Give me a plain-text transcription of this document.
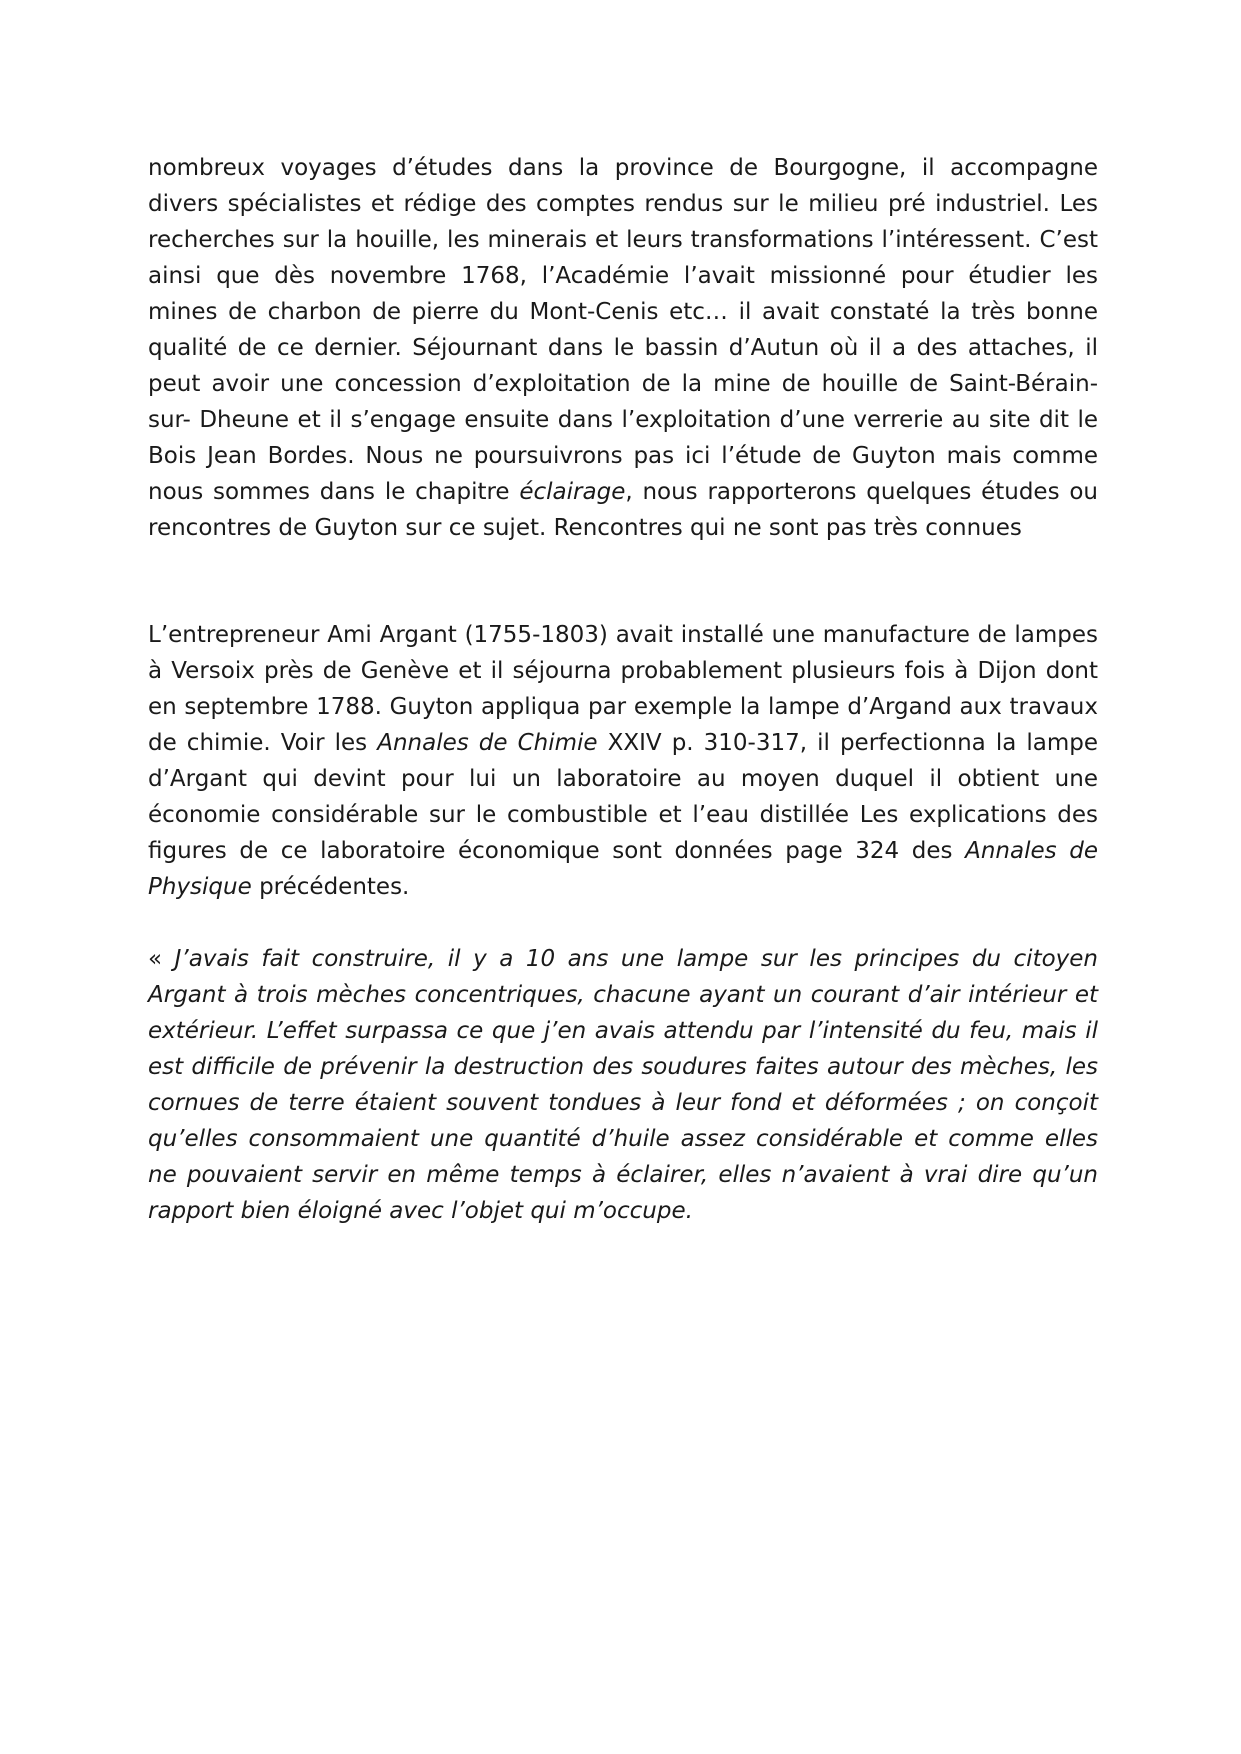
nombreux voyages d’études dans la province de Bourgogne, il accompagne divers spécialistes et rédige des comptes rendus sur le milieu pré industriel. Les recherches sur la houille, les minerais et leurs transformations l’intéressent. C’est ainsi que dès novembre 1768, l’Académie l’avait missionné pour étudier les mines de charbon de pierre du Mont-Cenis etc… il avait constaté la très bonne qualité de ce dernier. Séjournant dans le bassin d’Autun où il a des attaches, il peut avoir une concession d’exploitation de la mine de houille de Saint-Bérain-sur- Dheune et il s’engage ensuite dans l’exploitation d’une verrerie au site dit le Bois Jean Bordes. Nous ne poursuivrons pas ici l’étude de Guyton mais comme nous sommes dans le chapitre éclairage, nous rapporterons quelques études ou rencontres de Guyton sur ce sujet. Rencontres qui ne sont pas très connues

L’entrepreneur Ami Argant (1755-1803) avait installé une manufacture de lampes à Versoix près de Genève et il séjourna probablement plusieurs fois à Dijon dont en septembre 1788. Guyton appliqua par exemple la lampe d’Argand aux travaux de chimie. Voir les Annales de Chimie XXIV p. 310-317, il perfectionna la lampe d’Argant qui devint pour lui un laboratoire au moyen duquel il obtient une économie considérable sur le combustible et l’eau distillée Les explications des figures de ce laboratoire économique sont données page 324 des Annales de Physique précédentes.

« J’avais fait construire, il y a 10 ans une lampe sur les principes du citoyen Argant à trois mèches concentriques, chacune ayant un courant d’air intérieur et extérieur. L’effet surpassa ce que j’en avais attendu par l’intensité du feu, mais il est difficile de prévenir la destruction des soudures faites autour des mèches, les cornues de terre étaient souvent tondues à leur fond et déformées ; on conçoit qu’elles consommaient une quantité d’huile assez considérable et comme elles ne pouvaient servir en même temps à éclairer, elles n’avaient à vrai dire qu’un rapport bien éloigné avec l’objet qui m’occupe.
